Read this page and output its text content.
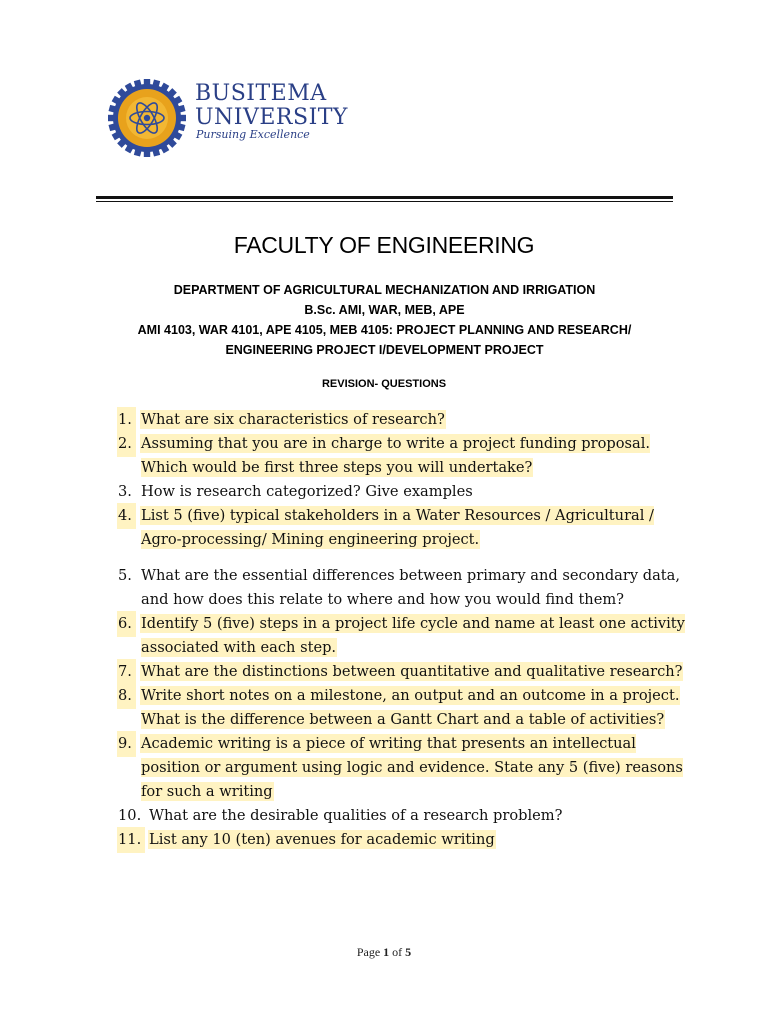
BUSITEMA
UNIVERSITY
Pursuing Excellence
FACULTY OF ENGINEERING
DEPARTMENT OF AGRICULTURAL MECHANIZATION AND IRRIGATION
B.Sc. AMI, WAR, MEB, APE
AMI 4103, WAR 4101, APE 4105, MEB 4105: PROJECT PLANNING AND RESEARCH/
ENGINEERING PROJECT I/DEVELOPMENT PROJECT
REVISION- QUESTIONS
1. What are six characteristics of research?
2. Assuming that you are in charge to write a project funding proposal. Which would be first three steps you will undertake?
3. How is research categorized? Give examples
4. List 5 (five) typical stakeholders in a Water Resources / Agricultural / Agro-processing/ Mining engineering project.
5. What are the essential differences between primary and secondary data, and how does this relate to where and how you would find them?
6. Identify 5 (five) steps in a project life cycle and name at least one activity associated with each step.
7. What are the distinctions between quantitative and qualitative research?
8. Write short notes on a milestone, an output and an outcome in a project. What is the difference between a Gantt Chart and a table of activities?
9. Academic writing is a piece of writing that presents an intellectual position or argument using logic and evidence. State any 5 (five) reasons for such a writing
10. What are the desirable qualities of a research problem?
11. List any 10 (ten) avenues for academic writing
Page 1 of 5
